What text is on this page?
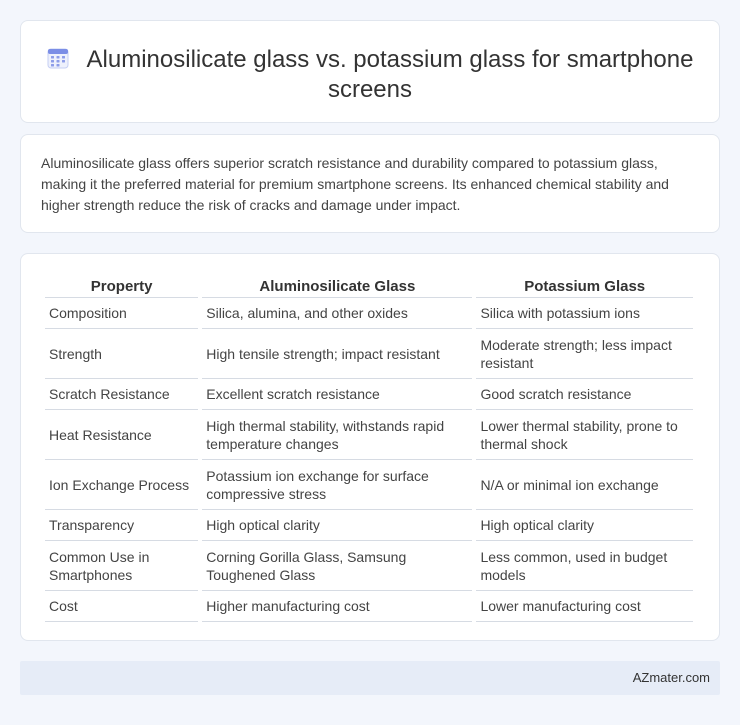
Aluminosilicate glass vs. potassium glass for smartphone screens

Aluminosilicate glass offers superior scratch resistance and durability compared to potassium glass, making it the preferred material for premium smartphone screens. Its enhanced chemical stability and higher strength reduce the risk of cracks and damage under impact.

Property	Aluminosilicate Glass	Potassium Glass
Composition	Silica, alumina, and other oxides	Silica with potassium ions
Strength	High tensile strength; impact resistant	Moderate strength; less impact resistant
Scratch Resistance	Excellent scratch resistance	Good scratch resistance
Heat Resistance	High thermal stability, withstands rapid temperature changes	Lower thermal stability, prone to thermal shock
Ion Exchange Process	Potassium ion exchange for surface compressive stress	N/A or minimal ion exchange
Transparency	High optical clarity	High optical clarity
Common Use in Smartphones	Corning Gorilla Glass, Samsung Toughened Glass	Less common, used in budget models
Cost	Higher manufacturing cost	Lower manufacturing cost
AZmater.com
